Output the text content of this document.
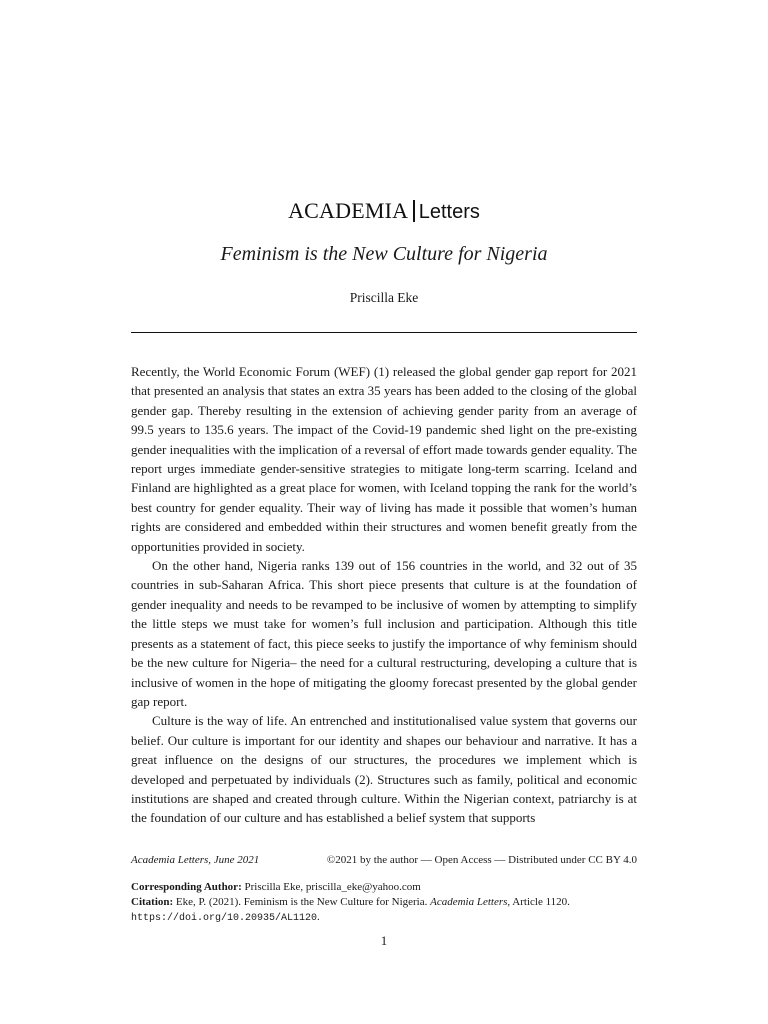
ACADEMIA Letters
Feminism is the New Culture for Nigeria
Priscilla Eke

Recently, the World Economic Forum (WEF) (1) released the global gender gap report for 2021 that presented an analysis that states an extra 35 years has been added to the closing of the global gender gap. Thereby resulting in the extension of achieving gender parity from an average of 99.5 years to 135.6 years. The impact of the Covid-19 pandemic shed light on the pre-existing gender inequalities with the implication of a reversal of effort made towards gender equality. The report urges immediate gender-sensitive strategies to mitigate long-term scarring. Iceland and Finland are highlighted as a great place for women, with Iceland topping the rank for the world’s best country for gender equality. Their way of living has made it possible that women’s human rights are considered and embedded within their structures and women benefit greatly from the opportunities provided in society.

On the other hand, Nigeria ranks 139 out of 156 countries in the world, and 32 out of 35 countries in sub-Saharan Africa. This short piece presents that culture is at the foundation of gender inequality and needs to be revamped to be inclusive of women by attempting to simplify the little steps we must take for women’s full inclusion and participation. Although this title presents as a statement of fact, this piece seeks to justify the importance of why feminism should be the new culture for Nigeria– the need for a cultural restructuring, developing a culture that is inclusive of women in the hope of mitigating the gloomy forecast presented by the global gender gap report.

Culture is the way of life. An entrenched and institutionalised value system that governs our belief. Our culture is important for our identity and shapes our behaviour and narrative. It has a great influence on the designs of our structures, the procedures we implement which is developed and perpetuated by individuals (2). Structures such as family, political and economic institutions are shaped and created through culture. Within the Nigerian context, patriarchy is at the foundation of our culture and has established a belief system that supports

Academia Letters, June 2021	©2021 by the author — Open Access — Distributed under CC BY 4.0
Corresponding Author: Priscilla Eke, priscilla_eke@yahoo.com
Citation: Eke, P. (2021). Feminism is the New Culture for Nigeria. Academia Letters, Article 1120.
https://doi.org/10.20935/AL1120.
1
